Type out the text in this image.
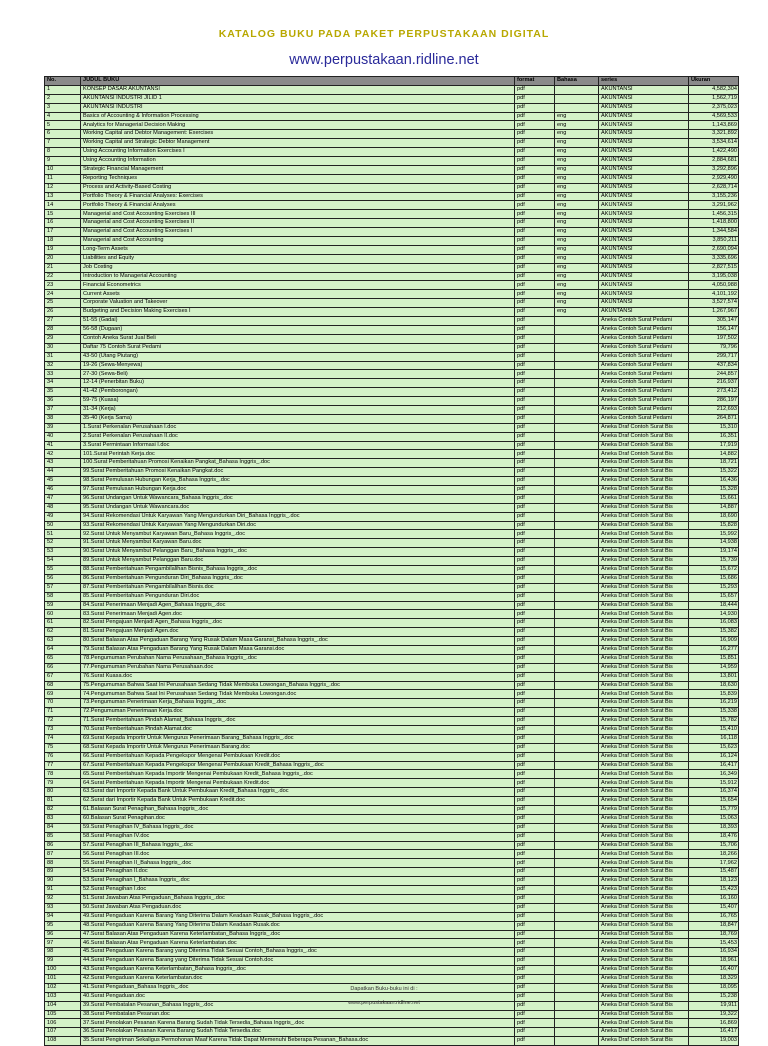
KATALOG BUKU PADA PAKET PERPUSTAKAAN DIGITAL
www.perpustakaan.ridline.net
No.	JUDUL BUKU	format	Bahasa	series	Ukuran
1	KONSEP DASAR AKUNTANSI	pdf		AKUNTANSI	4,582,304
2	AKUNTANSI INDUSTRI JILID 1	pdf		AKUNTANSI	1,562,719
3	AKUNTANSI INDUSTRI	pdf		AKUNTANSI	2,375,023
4	Basics of Accounting & Information Processing	pdf	eng	AKUNTANSI	4,569,533
5	Analytics for Managerial Decision Making	pdf	eng	AKUNTANSI	1,143,869
6	Working Capital and Debtor Management: Exercises	pdf	eng	AKUNTANSI	3,321,892
7	Working Capital and Strategic Debtor Management	pdf	eng	AKUNTANSI	3,534,614
8	Using Accounting Information Exercises I	pdf	eng	AKUNTANSI	1,422,490
9	Using Accounting Information	pdf	eng	AKUNTANSI	2,884,681
10	Strategic Financial Management	pdf	eng	AKUNTANSI	3,292,896
11	Reporting Techniques	pdf	eng	AKUNTANSI	2,929,490
12	Process and Activity-Based Costing	pdf	eng	AKUNTANSI	2,628,714
13	Portfolio Theory & Financial Analyses: Exercises	pdf	eng	AKUNTANSI	3,155,236
14	Portfolio Theory & Financial Analyses	pdf	eng	AKUNTANSI	3,291,962
15	Managerial and Cost Accounting Exercises III	pdf	eng	AKUNTANSI	1,456,315
16	Managerial and Cost Accounting Exercises II	pdf	eng	AKUNTANSI	1,418,800
17	Managerial and Cost Accounting Exercises I	pdf	eng	AKUNTANSI	1,344,584
18	Managerial and Cost Accounting	pdf	eng	AKUNTANSI	3,850,211
19	Long-Term Assets	pdf	eng	AKUNTANSI	2,690,094
20	Liabilities and Equity	pdf	eng	AKUNTANSI	3,335,696
21	Job Costing	pdf	eng	AKUNTANSI	2,827,515
22	Introduction to Managerial Accounting	pdf	eng	AKUNTANSI	3,195,038
23	Financial Econometrics	pdf	eng	AKUNTANSI	4,050,988
24	Current Assets	pdf	eng	AKUNTANSI	4,101,192
25	Corporate Valuation and Takeover	pdf	eng	AKUNTANSI	3,527,574
26	Budgeting and Decision Making Exercises I	pdf	eng	AKUNTANSI	1,267,967
27	51-55 (Gadai)	pdf		Aneka Contoh Surat Pedami	305,147
28	56-58 (Dugaan)	pdf		Aneka Contoh Surat Pedami	156,147
29	Contoh Aneka Surat Jual Beli	pdf		Aneka Contoh Surat Pedami	197,502
30	Daftar 75 Contoh Surat Pedami	pdf		Aneka Contoh Surat Pedami	79,796
31	43-50 (Utang Piutang)	pdf		Aneka Contoh Surat Pedami	299,717
32	19-26 (Sewa-Menyewa)	pdf		Aneka Contoh Surat Pedami	437,834
33	27-30 (Sewa-Beli)	pdf		Aneka Contoh Surat Pedami	244,857
34	12-14 (Penerbitan Buku)	pdf		Aneka Contoh Surat Pedami	216,937
35	41-42 (Pemborongan)	pdf		Aneka Contoh Surat Pedami	273,412
36	59-75 (Kuasa)	pdf		Aneka Contoh Surat Pedami	286,197
37	31-34 (Kerja)	pdf		Aneka Contoh Surat Pedami	212,693
38	35-40 (Kerja Sama)	pdf		Aneka Contoh Surat Pedami	264,871
39	1.Surat Perkenalan Perusahaan I.doc	pdf		Aneka Draf Contoh Surat Bis	15,310
40	2.Surat Perkenalan Perusahaan II.doc	pdf		Aneka Draf Contoh Surat Bis	16,351
41	3.Surat Permintaan Informasi I.doc	pdf		Aneka Draf Contoh Surat Bis	17,919
42	101.Surat Perintah Kerja.doc	pdf		Aneka Draf Contoh Surat Bis	14,882
43	100.Surat Pemberitahuan Promosi Kenaikan Pangkat_Bahasa Inggris_.doc	pdf		Aneka Draf Contoh Surat Bis	18,721
44	99.Surat Pemberitahuan Promosi Kenaikan Pangkat.doc	pdf		Aneka Draf Contoh Surat Bis	15,322
45	98.Surat Pemulusan Hubungan Kerja_Bahasa Inggris_.doc	pdf		Aneka Draf Contoh Surat Bis	16,436
46	97.Surat Pemulusan Hubungan Kerja.doc	pdf		Aneka Draf Contoh Surat Bis	15,328
47	96.Surat Undangan Untuk Wawancara_Bahasa Inggris_.doc	pdf		Aneka Draf Contoh Surat Bis	15,661
48	95.Surat Undangan Untuk Wawancara.doc	pdf		Aneka Draf Contoh Surat Bis	14,887
49	94.Surat Rekomendasi Untuk Karyawan Yang Mengundurkan Diri_Bahasa Inggris_.doc	pdf		Aneka Draf Contoh Surat Bis	18,690
50	93.Surat Rekomendasi Untuk Karyawan Yang Mengundurkan Diri.doc	pdf		Aneka Draf Contoh Surat Bis	15,828
51	92.Surat Untuk Menyambut Karyawan Baru_Bahasa Inggris_.doc	pdf		Aneka Draf Contoh Surat Bis	15,992
52	91.Surat Untuk Menyambut Karyawan Baru.doc	pdf		Aneka Draf Contoh Surat Bis	14,938
53	90.Surat Untuk Menyambut Pelanggan Baru_Bahasa Inggris_.doc	pdf		Aneka Draf Contoh Surat Bis	19,174
54	89.Surat Untuk Menyambut Pelanggan Baru.doc	pdf		Aneka Draf Contoh Surat Bis	15,739
55	88.Surat Pemberitahuan Pengambilalihan Bisnis_Bahasa Inggris_.doc	pdf		Aneka Draf Contoh Surat Bis	15,672
56	86.Surat Pemberitahuan Pengunduran Diri_Bahasa Inggris_.doc	pdf		Aneka Draf Contoh Surat Bis	15,686
57	87.Surat Pemberitahuan Pengambilalihan Bisnis.doc	pdf		Aneka Draf Contoh Surat Bis	15,293
58	85.Surat Pemberitahuan Pengunduran Diri.doc	pdf		Aneka Draf Contoh Surat Bis	15,657
59	84.Surat Penerimaan Menjadi Agen_Bahasa Inggris_.doc	pdf		Aneka Draf Contoh Surat Bis	18,444
60	83.Surat Penerimaan Menjadi Agen.doc	pdf		Aneka Draf Contoh Surat Bis	14,930
61	82.Surat Pengajuan Menjadi Agen_Bahasa Inggris_.doc	pdf		Aneka Draf Contoh Surat Bis	16,083
62	81.Surat Pengajuan Menjadi Agen.doc	pdf		Aneka Draf Contoh Surat Bis	15,382
63	80.Surat Balasan Atas Pengaduan Barang Yang Rusak Dalam Masa Garansi_Bahasa Inggris_.doc	pdf		Aneka Draf Contoh Surat Bis	16,909
64	79.Surat Balasan Atas Pengaduan Barang Yang Rusak Dalam Masa Garansi.doc	pdf		Aneka Draf Contoh Surat Bis	16,277
65	78.Pengumuman Perubahan Nama Perusahaan_Bahasa Inggris_.doc	pdf		Aneka Draf Contoh Surat Bis	15,851
66	77.Pengumuman Perubahan Nama Perusahaan.doc	pdf		Aneka Draf Contoh Surat Bis	14,959
67	76.Surat Kuasa.doc	pdf		Aneka Draf Contoh Surat Bis	13,801
68	75.Pengumuman Bahwa Saat Ini Perusahaan Sedang Tidak Membuka Lowongan_Bahasa Inggris_.doc	pdf		Aneka Draf Contoh Surat Bis	18,630
69	74.Pengumuman Bahwa Saat Ini Perusahaan Sedang Tidak Membuka Lowongan.doc	pdf		Aneka Draf Contoh Surat Bis	15,839
70	73.Pengumuman Penerimaan Kerja_Bahasa Inggris_.doc	pdf		Aneka Draf Contoh Surat Bis	16,219
71	72.Pengumuman Penerimaan Kerja.doc	pdf		Aneka Draf Contoh Surat Bis	15,338
72	71.Surat Pemberitahuan Pindah Alamat_Bahasa Inggris_.doc	pdf		Aneka Draf Contoh Surat Bis	15,782
73	70.Surat Pemberitahuan Pindah Alamat.doc	pdf		Aneka Draf Contoh Surat Bis	15,410
74	69.Surat Kepada Importir Untuk Mengurus Penerimaan Barang_Bahasa Inggris_.doc	pdf		Aneka Draf Contoh Surat Bis	16,118
75	68.Surat Kepada Importir Untuk Mengurus Penerimaan Barang.doc	pdf		Aneka Draf Contoh Surat Bis	15,623
76	66.Surat Pemberitahuan Kepada Pengekspor Mengenai Pembukaan Kredit.doc	pdf		Aneka Draf Contoh Surat Bis	16,124
77	67.Surat Pemberitahuan Kepada Pengekspor Mengenai Pembukaan Kredit_Bahasa Inggris_.doc	pdf		Aneka Draf Contoh Surat Bis	16,417
78	65.Surat Pemberitahuan Kepada Importir Mengenai Pembukaan Kredit_Bahasa Inggris_.doc	pdf		Aneka Draf Contoh Surat Bis	16,349
79	64.Surat Pemberitahuan Kepada Importir Mengenai Pembukaan Kredit.doc	pdf		Aneka Draf Contoh Surat Bis	15,912
80	63.Surat dari Importir Kepada Bank Untuk Pembukaan Kredit_Bahasa Inggris_.doc	pdf		Aneka Draf Contoh Surat Bis	16,374
81	62.Surat dari Importir Kepada Bank Untuk Pembukaan Kredit.doc	pdf		Aneka Draf Contoh Surat Bis	15,654
82	61.Balasan Surat Penagihan_Bahasa Inggris_.doc	pdf		Aneka Draf Contoh Surat Bis	15,779
83	60.Balasan Surat Penagihan.doc	pdf		Aneka Draf Contoh Surat Bis	15,063
84	59.Surat Penagihan IV_Bahasa Inggris_.doc	pdf		Aneka Draf Contoh Surat Bis	18,393
85	58.Surat Penagihan IV.doc	pdf		Aneka Draf Contoh Surat Bis	18,476
86	57.Surat Penagihan III_Bahasa Inggris_.doc	pdf		Aneka Draf Contoh Surat Bis	15,706
87	56.Surat Penagihan III.doc	pdf		Aneka Draf Contoh Surat Bis	18,266
88	55.Surat Penagihan II_Bahasa Inggris_.doc	pdf		Aneka Draf Contoh Surat Bis	17,962
89	54.Surat Penagihan II.doc	pdf		Aneka Draf Contoh Surat Bis	15,487
90	53.Surat Penagihan I_Bahasa Inggris_.doc	pdf		Aneka Draf Contoh Surat Bis	18,123
91	52.Surat Penagihan I.doc	pdf		Aneka Draf Contoh Surat Bis	15,423
92	51.Surat Jawaban Atas Pengaduan_Bahasa Inggris_.doc	pdf		Aneka Draf Contoh Surat Bis	16,160
93	50.Surat Jawaban Atas Pengaduan.doc	pdf		Aneka Draf Contoh Surat Bis	15,407
94	49.Surat Pengaduan Karena Barang Yang Diterima Dalam Keadaan Rusak_Bahasa Inggris_.doc	pdf		Aneka Draf Contoh Surat Bis	16,765
95	48.Surat Pengaduan Karena Barang Yang Diterima Dalam Keadaan Rusak.doc	pdf		Aneka Draf Contoh Surat Bis	18,847
96	47.Surat Balasan Atas Pengaduan Karena Keterlambatan_Bahasa Inggris_.doc	pdf		Aneka Draf Contoh Surat Bis	18,769
97	46.Surat Balasan Atas Pengaduan Karena Keterlambatan.doc	pdf		Aneka Draf Contoh Surat Bis	15,453
98	45.Surat Pengaduan Karena Barang yang Diterima Tidak Sesuai Contoh_Bahasa Inggris_.doc	pdf		Aneka Draf Contoh Surat Bis	16,934
99	44.Surat Pengaduan Karena Barang yang Diterima Tidak Sesuai Contoh.doc	pdf		Aneka Draf Contoh Surat Bis	18,961
100	43.Surat Pengaduan Karena Keterlambatan_Bahasa Inggris_.doc	pdf		Aneka Draf Contoh Surat Bis	16,407
101	42.Surat Pengaduan Karena Keterlambatan.doc	pdf		Aneka Draf Contoh Surat Bis	18,329
102	41.Surat Pengaduan_Bahasa Inggris_.doc	pdf		Aneka Draf Contoh Surat Bis	18,095
103	40.Surat Pengaduan.doc	pdf		Aneka Draf Contoh Surat Bis	15,238
104	39.Surat Pembatalan Pesanan_Bahasa Inggris_.doc	pdf		Aneka Draf Contoh Surat Bis	19,911
105	38.Surat Pembatalan Pesanan.doc	pdf		Aneka Draf Contoh Surat Bis	19,322
106	37.Surat Penolakan Pesanan Karena Barang Sudah Tidak Tersedia_Bahasa Inggris_.doc	pdf		Aneka Draf Contoh Surat Bis	16,869
107	36.Surat Penolakan Pesanan Karena Barang Sudah Tidak Tersedia.doc	pdf		Aneka Draf Contoh Surat Bis	16,417
108	35.Surat Pengiriman Sekaligus Permohonan Maaf Karena Tidak Dapat Memenuhi Beberapa Pesanan_Bahasa.doc	pdf		Aneka Draf Contoh Surat Bis	19,003
Dapatkan Buku-buku ini di :
www.perpustakaan.ridline.net
